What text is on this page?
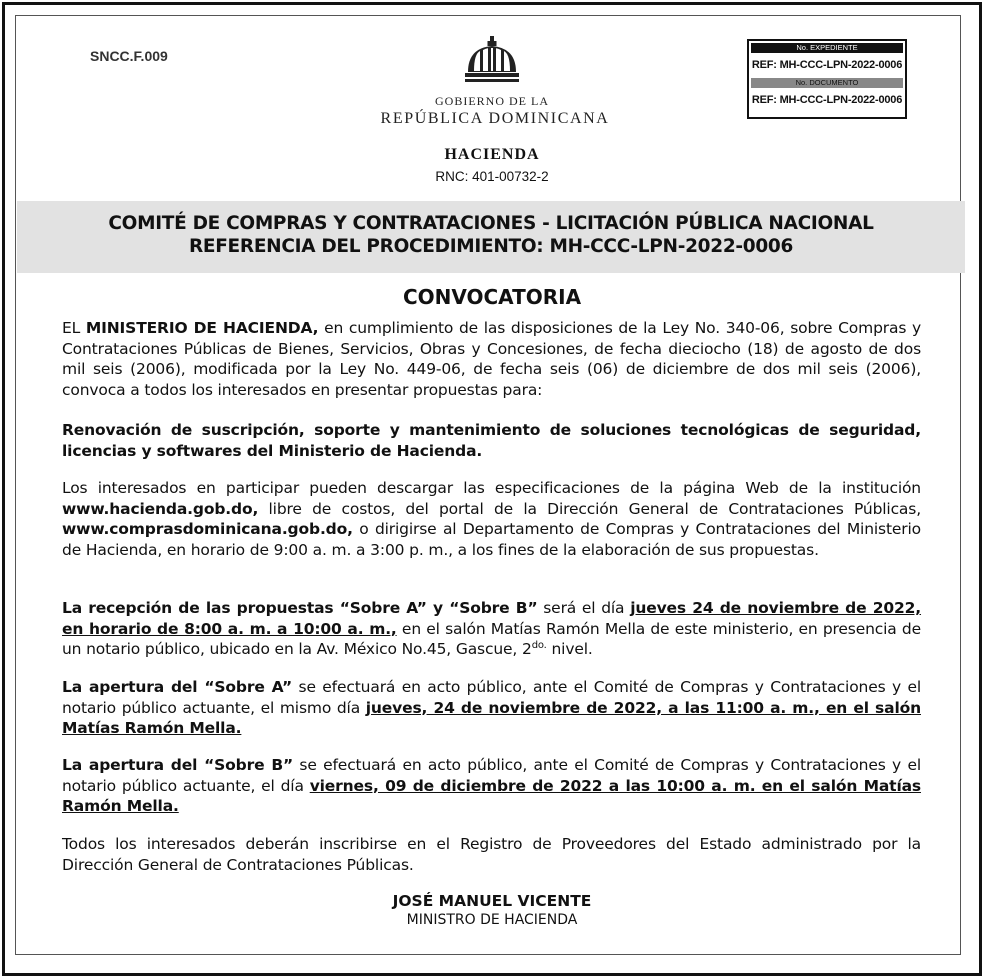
SNCC.F.009
GOBIERNO DE LA
REPÚBLICA DOMINICANA
HACIENDA
RNC: 401-00732-2
No. EXPEDIENTE
REF: MH-CCC-LPN-2022-0006
No. DOCUMENTO
REF: MH-CCC-LPN-2022-0006
COMITÉ DE COMPRAS Y CONTRATACIONES - LICITACIÓN PÚBLICA NACIONAL
REFERENCIA DEL PROCEDIMIENTO: MH-CCC-LPN-2022-0006
CONVOCATORIA
EL MINISTERIO DE HACIENDA, en cumplimiento de las disposiciones de la Ley No. 340-06, sobre Compras y Contrataciones Públicas de Bienes, Servicios, Obras y Concesiones, de fecha dieciocho (18) de agosto de dos mil seis (2006), modificada por la Ley No. 449-06, de fecha seis (06) de diciembre de dos mil seis (2006), convoca a todos los interesados en presentar propuestas para:
Renovación de suscripción, soporte y mantenimiento de soluciones tecnológicas de seguridad, licencias y softwares del Ministerio de Hacienda.
Los interesados en participar pueden descargar las especificaciones de la página Web de la institución www.hacienda.gob.do, libre de costos, del portal de la Dirección General de Contrataciones Públicas, www.comprasdominicana.gob.do, o dirigirse al Departamento de Compras y Contrataciones del Ministerio de Hacienda, en horario de 9:00 a. m. a 3:00 p. m., a los fines de la elaboración de sus propuestas.
La recepción de las propuestas “Sobre A” y “Sobre B” será el día jueves 24 de noviembre de 2022, en horario de 8:00 a. m. a 10:00 a. m., en el salón Matías Ramón Mella de este ministerio, en presencia de un notario público, ubicado en la Av. México No.45, Gascue, $2^{do.}$ nivel.
La apertura del “Sobre A” se efectuará en acto público, ante el Comité de Compras y Contrataciones y el notario público actuante, el mismo día jueves, 24 de noviembre de 2022, a las 11:00 a. m., en el salón Matías Ramón Mella.
La apertura del “Sobre B” se efectuará en acto público, ante el Comité de Compras y Contrataciones y el notario público actuante, el día viernes, 09 de diciembre de 2022 a las 10:00 a. m. en el salón Matías Ramón Mella.
Todos los interesados deberán inscribirse en el Registro de Proveedores del Estado administrado por la Dirección General de Contrataciones Públicas.
JOSÉ MANUEL VICENTE
MINISTRO DE HACIENDA
